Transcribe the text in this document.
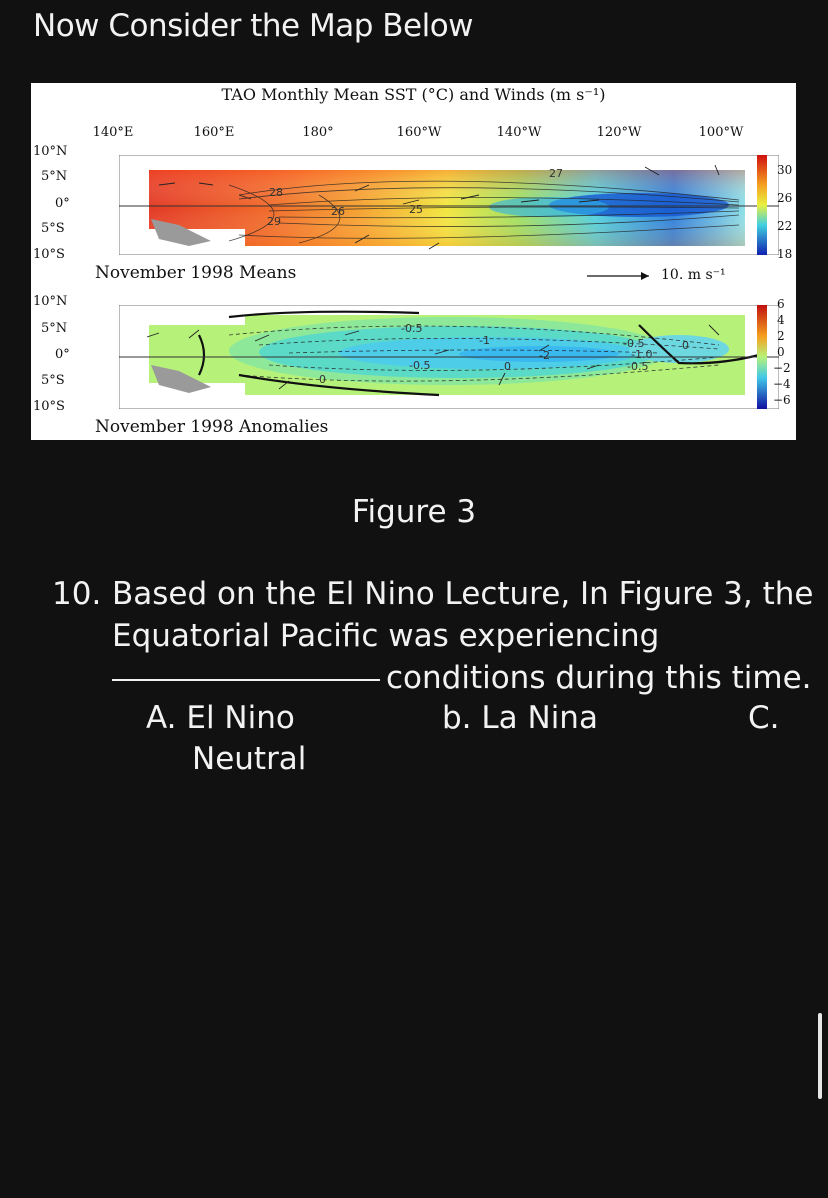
Now Consider the Map Below
TAO Monthly Mean SST (°C) and Winds (m s⁻¹)
140°E	160°E	180°	160°W	140°W	120°W	100°W
10°N
5°N
0°
5°S
10°S
28
29
26
27
25
November 1998 Means	10. m s⁻¹
30
26
22
18
10°N
5°N
0°
5°S
10°S
-0.5
-1
-2
-0.5	0
-0.5	0
-0.5
0
-1.0
November 1998 Anomalies
6
4
2
0
−2
−4
−6
Figure 3
10. Based on the El Nino Lecture, In Figure 3, the
Equatorial Pacific was experiencing
conditions during this time.
A. El Nino	b. La Nina	C.
Neutral
